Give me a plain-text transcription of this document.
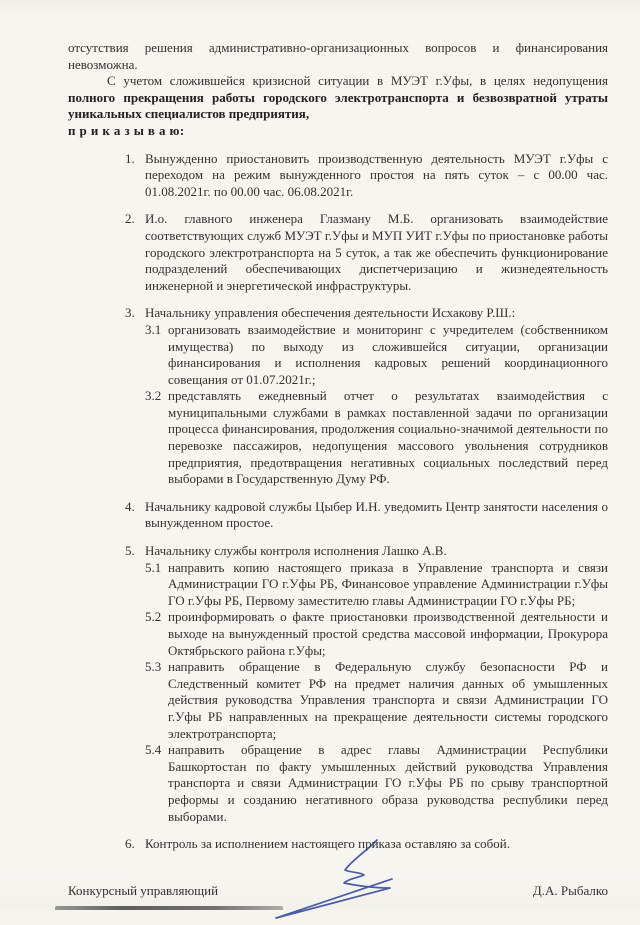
отсутствия решения административно-организационных вопросов и финансирования невозможна.

С учетом сложившейся кризисной ситуации в МУЭТ г.Уфы, в целях недопущения полного прекращения работы городского электротранспорта и безвозвратной утраты уникальных специалистов предприятия,

п р и к а з ы в а ю:

1. Вынужденно приостановить производственную деятельность МУЭТ г.Уфы с переходом на режим вынужденного простоя на пять суток – с 00.00 час. 01.08.2021г. по 00.00 час. 06.08.2021г.
2. И.о. главного инженера Глазману М.Б. организовать взаимодействие соответствующих служб МУЭТ г.Уфы и МУП УИТ г.Уфы по приостановке работы городского электротранспорта на 5 суток, а так же обеспечить функционирование подразделений обеспечивающих диспетчеризацию и жизнедеятельность инженерной и энергетической инфраструктуры.
3. Начальнику управления обеспечения деятельности Исхакову Р.Ш.:
3.1 организовать взаимодействие и мониторинг с учредителем (собственником имущества) по выходу из сложившейся ситуации, организации финансирования и исполнения кадровых решений координационного совещания от 01.07.2021г.;
3.2 представлять ежедневный отчет о результатах взаимодействия с муниципальными службами в рамках поставленной задачи по организации процесса финансирования, продолжения социально-значимой деятельности по перевозке пассажиров, недопущения массового увольнения сотрудников предприятия, предотвращения негативных социальных последствий перед выборами в Государственную Думу РФ.
4. Начальнику кадровой службы Цыбер И.Н. уведомить Центр занятости населения о вынужденном простое.
5. Начальнику службы контроля исполнения Лашко А.В.
5.1 направить копию настоящего приказа в Управление транспорта и связи Администрации ГО г.Уфы РБ, Финансовое управление Администрации г.Уфы ГО г.Уфы РБ, Первому заместителю главы Администрации ГО г.Уфы РБ;
5.2 проинформировать о факте приостановки производственной деятельности и выходе на вынужденный простой средства массовой информации, Прокурора Октябрьского района г.Уфы;
5.3 направить обращение в Федеральную службу безопасности РФ и Следственный комитет РФ на предмет наличия данных об умышленных действия руководства Управления транспорта и связи Администрации ГО г.Уфы РБ направленных на прекращение деятельности системы городского электротранспорта;
5.4 направить обращение в адрес главы Администрации Республики Башкортостан по факту умышленных действий руководства Управления транспорта и связи Администрации ГО г.Уфы РБ по срыву транспортной реформы и созданию негативного образа руководства республики перед выборами.
6. Контроль за исполнением настоящего приказа оставляю за собой.
Конкурсный управляющий	Д.А. Рыбалко
